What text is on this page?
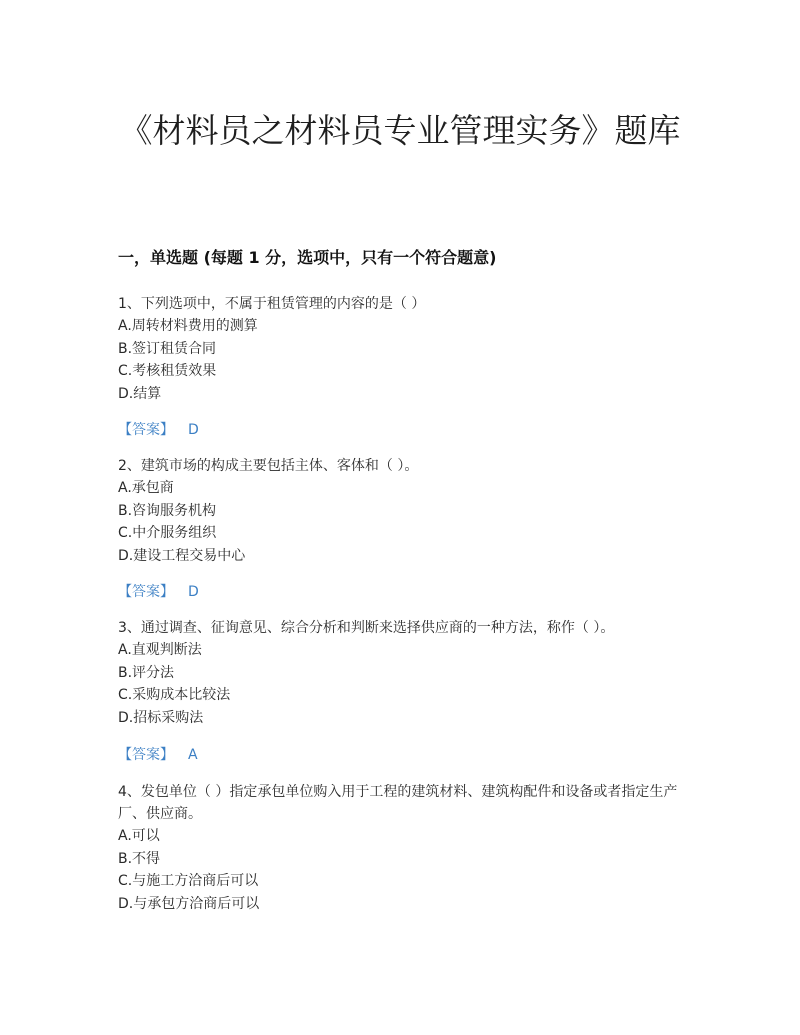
《材料员之材料员专业管理实务》题库
一，单选题 (每题 1 分，选项中，只有一个符合题意)

1、下列选项中，不属于租赁管理的内容的是（ ）

A.周转材料费用的测算

B.签订租赁合同

C.考核租赁效果

D.结算

【答案】 D

2、建筑市场的构成主要包括主体、客体和（ ）。

A.承包商

B.咨询服务机构

C.中介服务组织

D.建设工程交易中心

【答案】 D

3、通过调查、征询意见、综合分析和判断来选择供应商的一种方法，称作（ ）。

A.直观判断法

B.评分法

C.采购成本比较法

D.招标采购法

【答案】 A

4、发包单位（ ）指定承包单位购入用于工程的建筑材料、建筑构配件和设备或者指定生产厂、供应商。

A.可以

B.不得

C.与施工方洽商后可以

D.与承包方洽商后可以
